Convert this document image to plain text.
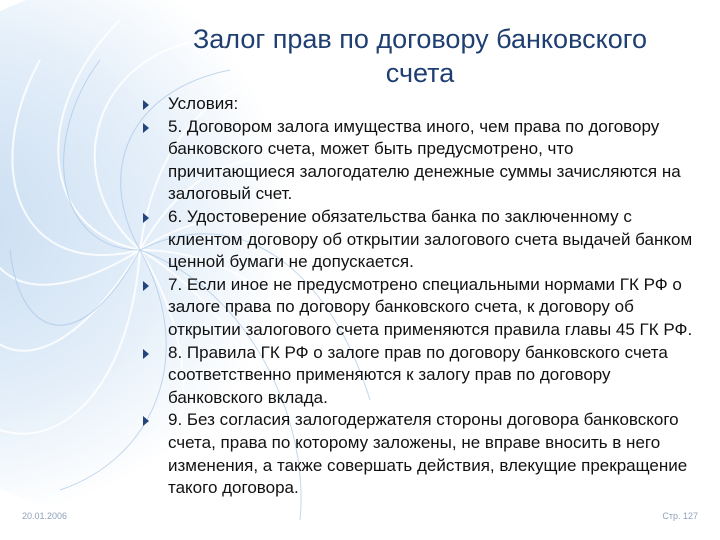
Залог прав по договору банковского
счета
Условия:
5. Договором залога имущества иного, чем права по договору банковского счета, может быть предусмотрено, что причитающиеся залогодателю денежные суммы зачисляются на залоговый счет.
6. Удостоверение обязательства банка по заключенному с клиентом договору об открытии залогового счета выдачей банком ценной бумаги не допускается.
7. Если иное не предусмотрено специальными нормами ГК РФ о залоге права по договору банковского счета, к договору об открытии залогового счета применяются правила главы 45 ГК РФ.
8. Правила ГК РФ о залоге прав по договору банковского счета соответственно применяются к залогу прав по договору банковского вклада.
9. Без согласия залогодержателя стороны договора банковского счета, права по которому заложены, не вправе вносить в него изменения, а также совершать действия, влекущие прекращение такого договора.
20.01.2006	Стр. 127
